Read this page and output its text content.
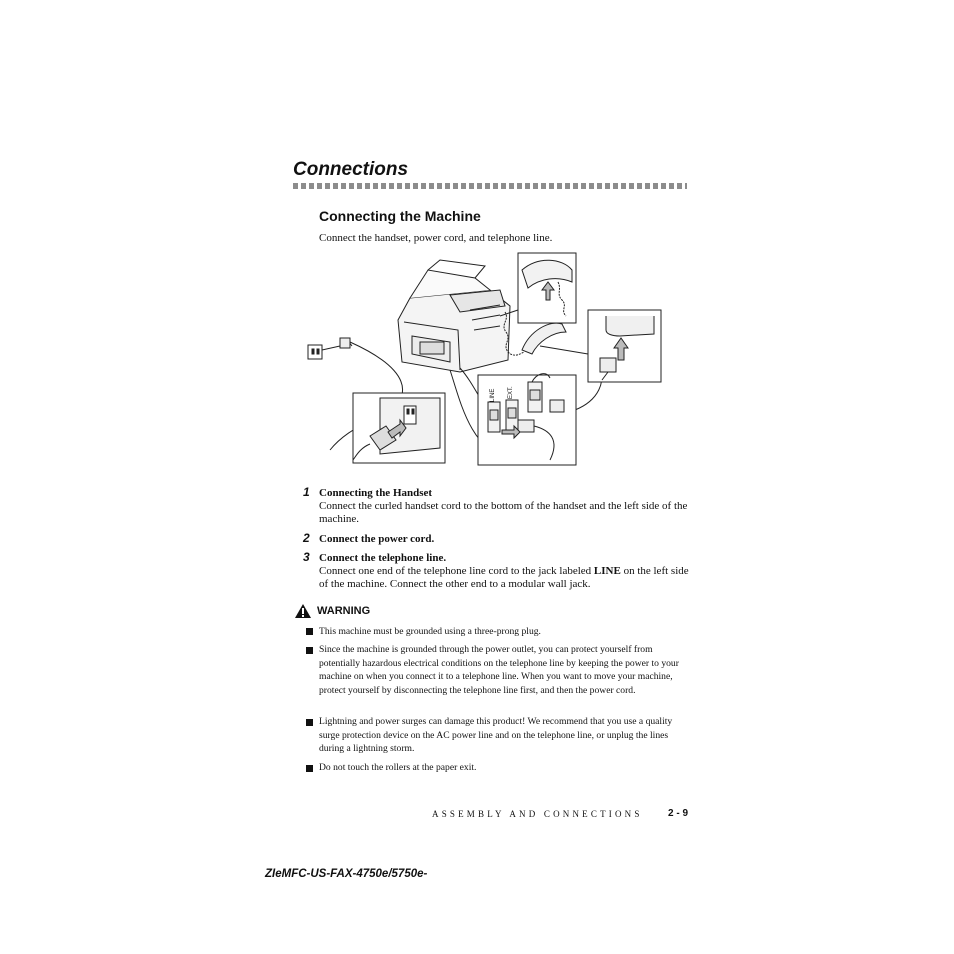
Connections
Connecting the Machine
Connect the handset, power cord, and telephone line.
LINE EXT.
1 Connecting the Handset
Connect the curled handset cord to the bottom of the handset and the left side of the machine.
2 Connect the power cord.
3 Connect the telephone line.
Connect one end of the telephone line cord to the jack labeled LINE on the left side of the machine. Connect the other end to a modular wall jack.
WARNING
This machine must be grounded using a three-prong plug.
Since the machine is grounded through the power outlet, you can protect yourself from potentially hazardous electrical conditions on the telephone line by keeping the power to your machine on when you connect it to a telephone line. When you want to move your machine, protect yourself by disconnecting the telephone line first, and then the power cord.
Lightning and power surges can damage this product! We recommend that you use a quality surge protection device on the AC power line and on the telephone line, or unplug the lines during a lightning storm.
Do not touch the rollers at the paper exit.
ASSEMBLY AND CONNECTIONS	2 - 9
ZIeMFC-US-FAX-4750e/5750e-
